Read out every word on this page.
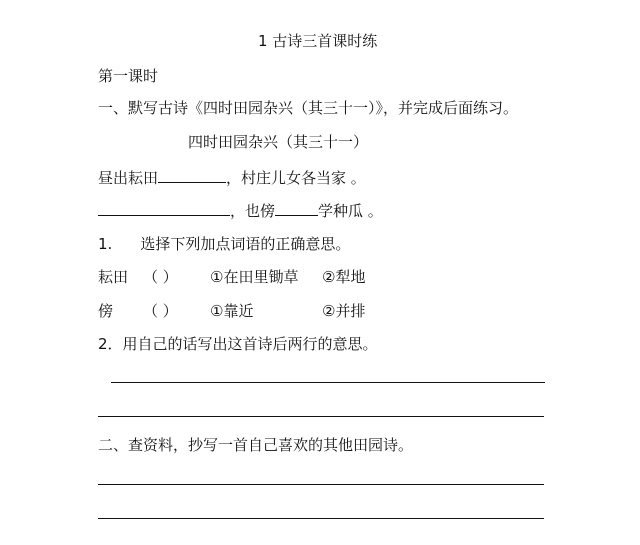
1 古诗三首课时练
第一课时
一、默写古诗《四时田园杂兴（其三十一）》，并完成后面练习。
四时田园杂兴（其三十一）
昼出耘田	，村庄儿女各当家 。
，也傍	学种瓜 。
1. 选择下列加点词语的正确意思。
耘田 （ ） ①在田里锄草 ②犁地
傍 （ ） ①靠近	②并排
2．用自己的话写出这首诗后两行的意思。
二、查资料，抄写一首自己喜欢的其他田园诗。
